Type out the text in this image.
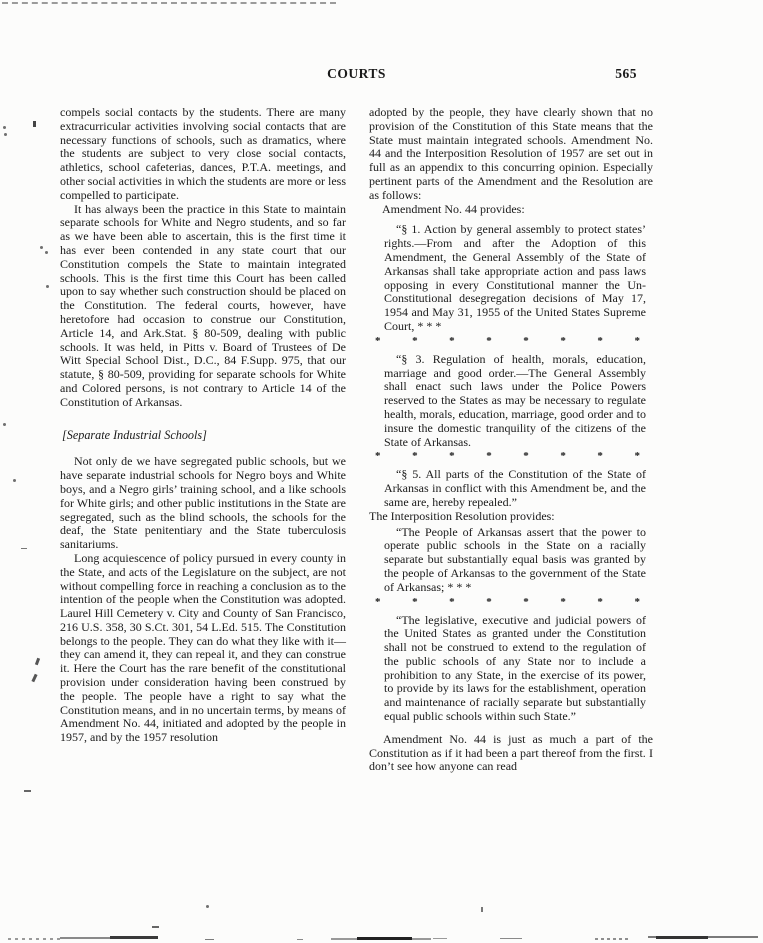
COURTS	565

compels social contacts by the students. There are many extracurricular activities involving social contacts that are necessary functions of schools, such as dramatics, where the students are subject to very close social contacts, athletics, school cafeterias, dances, P.T.A. meetings, and other social activities in which the students are more or less compelled to participate.

It has always been the practice in this State to maintain separate schools for White and Negro students, and so far as we have been able to ascertain, this is the first time it has ever been contended in any state court that our Constitution compels the State to maintain integrated schools. This is the first time this Court has been called upon to say whether such construction should be placed on the Constitution. The federal courts, however, have heretofore had occasion to construe our Constitution, Article 14, and Ark.Stat. § 80-509, dealing with public schools. It was held, in Pitts v. Board of Trustees of De Witt Special School Dist., D.C., 84 F.Supp. 975, that our statute, § 80-509, providing for separate schools for White and Colored persons, is not contrary to Article 14 of the Constitution of Arkansas.

[Separate Industrial Schools]

Not only de we have segregated public schools, but we have separate industrial schools for Negro boys and White boys, and a Negro girls’ training school, and a like schools for White girls; and other public institutions in the State are segregated, such as the blind schools, the schools for the deaf, the State penitentiary and the State tuberculosis sanitariums.

Long acquiescence of policy pursued in every county in the State, and acts of the Legislature on the subject, are not without compelling force in reaching a conclusion as to the intention of the people when the Constitution was adopted. Laurel Hill Cemetery v. City and County of San Francisco, 216 U.S. 358, 30 S.Ct. 301, 54 L.Ed. 515. The Constitution belongs to the people. They can do what they like with it—they can amend it, they can repeal it, and they can construe it. Here the Court has the rare benefit of the constitutional provision under consideration having been construed by the people. The people have a right to say what the Constitution means, and in no uncertain terms, by means of Amendment No. 44, initiated and adopted by the people in 1957, and by the 1957 resolution

adopted by the people, they have clearly shown that no provision of the Constitution of this State means that the State must maintain integrated schools. Amendment No. 44 and the Interposition Resolution of 1957 are set out in full as an appendix to this concurring opinion. Especially pertinent parts of the Amendment and the Resolution are as follows:

Amendment No. 44 provides:

“§ 1. Action by general assembly to protect states’ rights.—From and after the Adoption of this Amendment, the General Assembly of the State of Arkansas shall take appropriate action and pass laws opposing in every Constitutional manner the Un-Constitutional desegregation decisions of May 17, 1954 and May 31, 1955 of the United States Supreme Court, * * *
* * * * * * * *
“§ 3. Regulation of health, morals, education, marriage and good order.—The General Assembly shall enact such laws under the Police Powers reserved to the States as may be necessary to regulate health, morals, education, marriage, good order and to insure the domestic tranquility of the citizens of the State of Arkansas.
* * * * * * * *
“§ 5. All parts of the Constitution of the State of Arkansas in conflict with this Amendment be, and the same are, hereby repealed.”

The Interposition Resolution provides:

“The People of Arkansas assert that the power to operate public schools in the State on a racially separate but substantially equal basis was granted by the people of Arkansas to the government of the State of Arkansas; * * *
* * * * * * * *
“The legislative, executive and judicial powers of the United States as granted under the Constitution shall not be construed to extend to the regulation of the public schools of any State nor to include a prohibition to any State, in the exercise of its power, to provide by its laws for the establishment, operation and maintenance of racially separate but substantially equal public schools within such State.”

Amendment No. 44 is just as much a part of the Constitution as if it had been a part thereof from the first. I don’t see how anyone can read
